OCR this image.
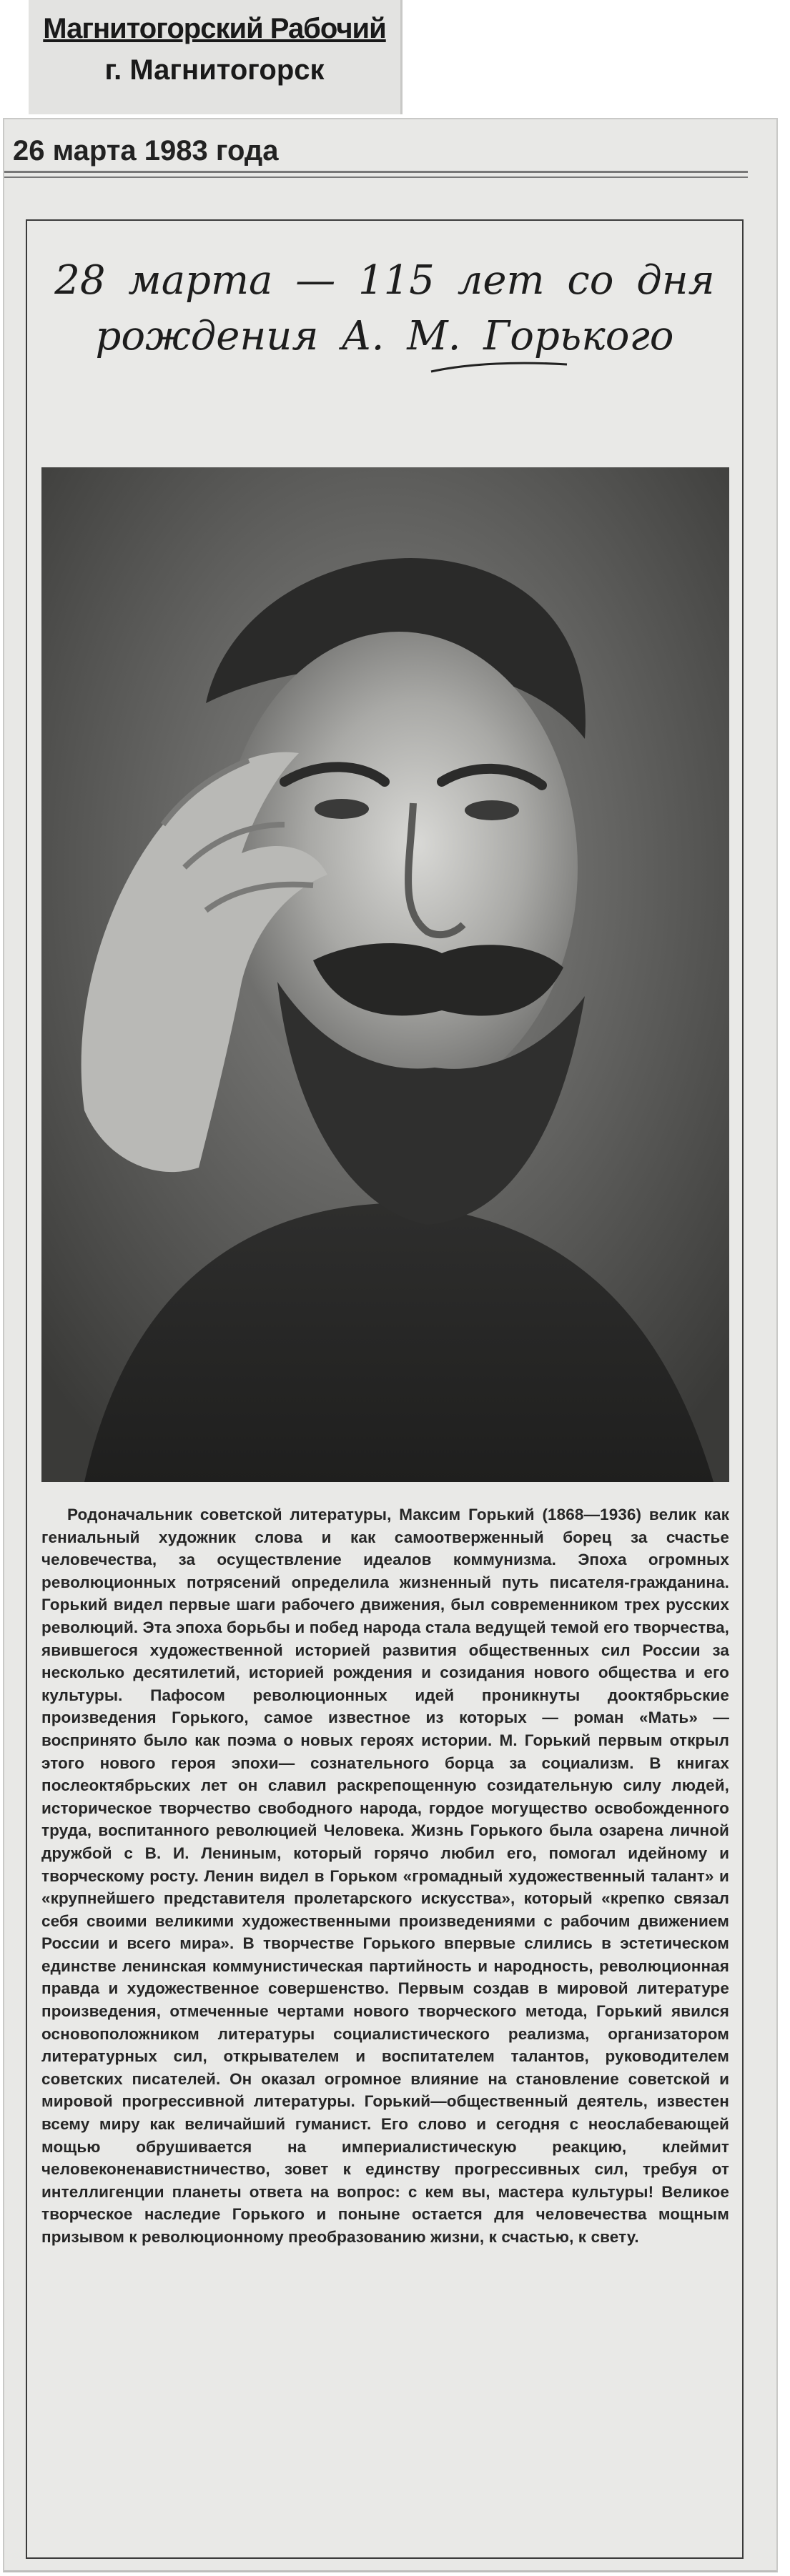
Магнитогорский Рабочий
г. Магнитогорск
26 марта 1983 года
28 марта — 115 лет со дня
рождения А. М. Горького
Родоначальник советской литературы, Максим Горький (1868—1936) велик как гениальный художник слова и как самоотверженный борец за счастье человечества, за осуществление идеалов коммунизма. Эпоха огромных революционных потрясений определила жизненный путь писателя-гражданина. Горький видел первые шаги рабочего движения, был современником трех русских революций. Эта эпоха борьбы и побед народа стала ведущей темой его творчества, явившегося художественной историей развития общественных сил России за несколько десятилетий, историей рождения и созидания нового общества и его культуры. Пафосом революционных идей проникнуты дооктябрьские произведения Горького, самое известное из которых — роман «Мать» — воспринято было как поэма о новых героях истории. М. Горький первым открыл этого нового героя эпохи— сознательного борца за социализм. В книгах послеоктябрьских лет он славил раскрепощенную созидательную силу людей, историческое творчество свободного народа, гордое могущество освобожденного труда, воспитанного революцией Человека. Жизнь Горького была озарена личной дружбой с В. И. Лениным, который горячо любил его, помогал идейному и творческому росту. Ленин видел в Горьком «громадный художественный талант» и «крупнейшего представителя пролетарского искусства», который «крепко связал себя своими великими художественными произведениями с рабочим движением России и всего мира». В творчестве Горького впервые слились в эстетическом единстве ленинская коммунистическая партийность и народность, революционная правда и художественное совершенство. Первым создав в мировой литературе произведения, отмеченные чертами нового творческого метода, Горький явился основоположником литературы социалистического реализма, организатором литературных сил, открывателем и воспитателем талантов, руководителем советских писателей. Он оказал огромное влияние на становление советской и мировой прогрессивной литературы. Горький—общественный деятель, известен всему миру как величайший гуманист. Его слово и сегодня с неослабевающей мощью обрушивается на империалистическую реакцию, клеймит человеконенавистничество, зовет к единству прогрессивных сил, требуя от интеллигенции планеты ответа на вопрос: с кем вы, мастера культуры! Великое творческое наследие Горького и поныне остается для человечества мощным призывом к революционному преобразованию жизни, к счастью, к свету.
